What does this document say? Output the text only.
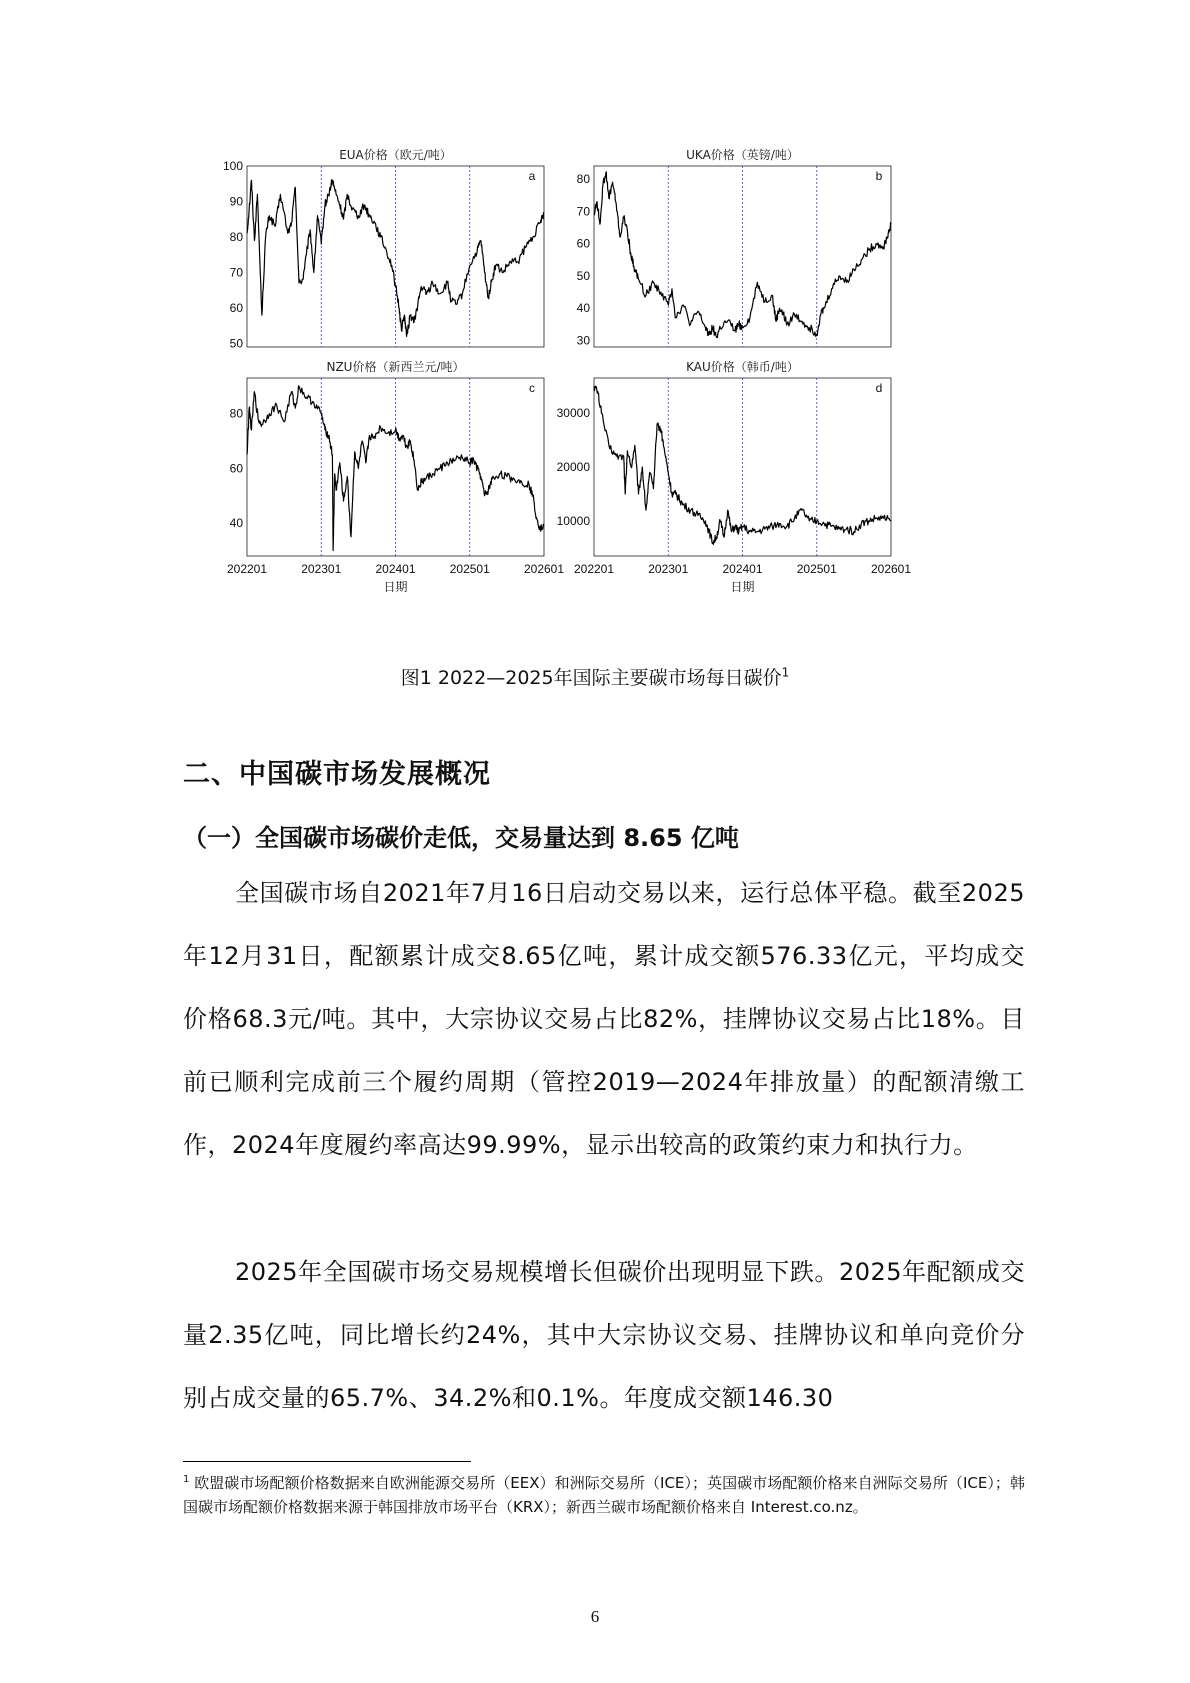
EUA价格（欧元/吨）
a
100
90
80
70
60
50
UKA价格（英镑/吨）
b
80
70
60
50
40
30
NZU价格（新西兰元/吨）
c
80
60
40
202201	202301	202401	202501	202601
日期
KAU价格（韩币/吨）
d
30000
20000
10000
202201	202301	202401	202501	202601
日期
图1 2022—2025年国际主要碳市场每日碳价$^1$
二、中国碳市场发展概况
（一）全国碳市场碳价走低，交易量达到 8.65 亿吨
全国碳市场自2021年7月16日启动交易以来，运行总体平稳。截至2025年12月31日，配额累计成交8.65亿吨，累计成交额576.33亿元，平均成交价格68.3元/吨。其中，大宗协议交易占比82%，挂牌协议交易占比18%。目前已顺利完成前三个履约周期（管控2019—2024年排放量）的配额清缴工作，2024年度履约率高达99.99%，显示出较高的政策约束力和执行力。
2025年全国碳市场交易规模增长但碳价出现明显下跌。2025年配额成交量2.35亿吨，同比增长约24%，其中大宗协议交易、挂牌协议和单向竞价分别占成交量的65.7%、34.2%和0.1%。年度成交额146.30
$^1$ 欧盟碳市场配额价格数据来自欧洲能源交易所（EEX）和洲际交易所（ICE）；英国碳市场配额价格来自洲际交易所（ICE）；韩国碳市场配额价格数据来源于韩国排放市场平台（KRX）；新西兰碳市场配额价格来自 Interest.co.nz。
6
